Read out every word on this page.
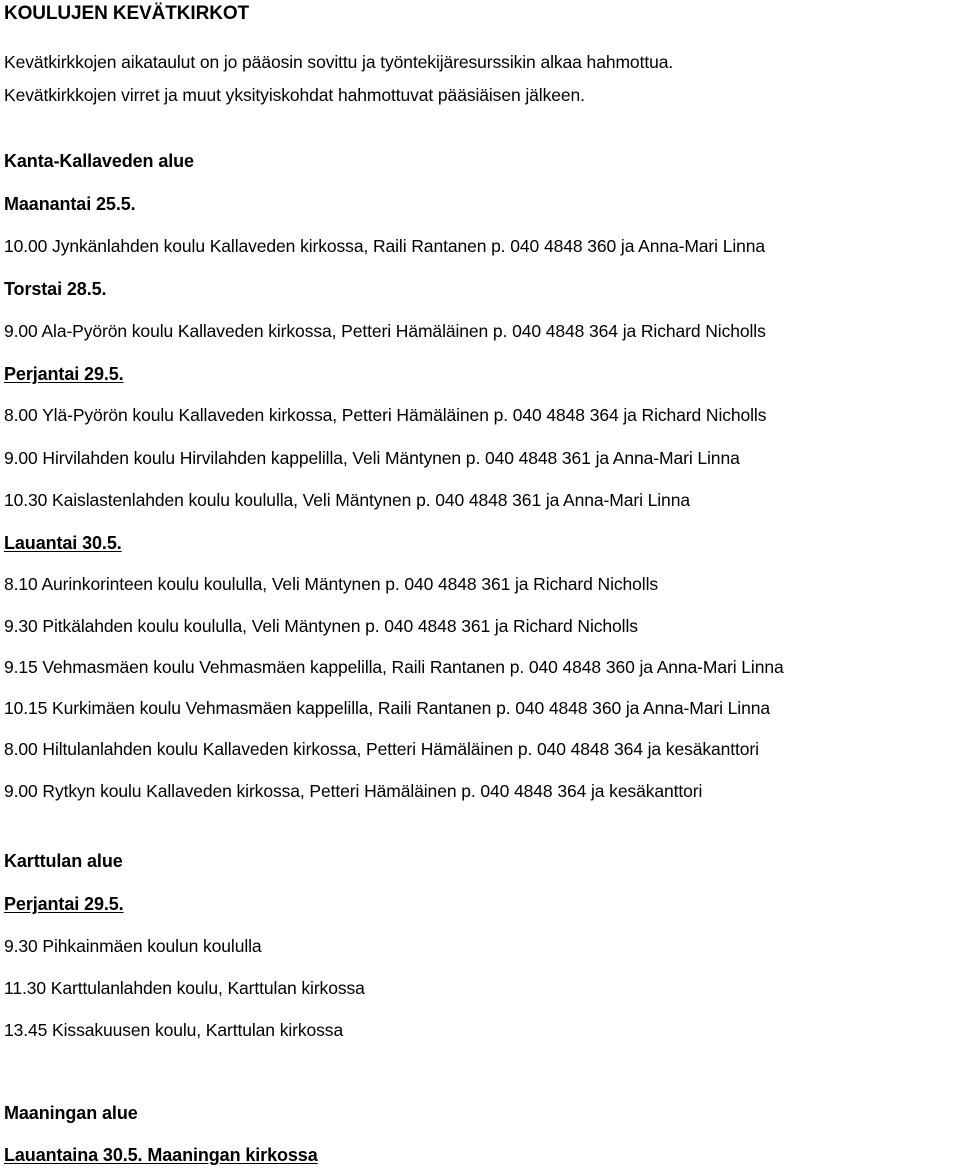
KOULUJEN KEVÄTKIRKOT

Kevätkirkkojen aikataulut on jo pääosin sovittu ja työntekijäresurssikin alkaa hahmottua.

Kevätkirkkojen virret ja muut yksityiskohdat hahmottuvat pääsiäisen jälkeen.

Kanta-Kallaveden alue

Maanantai 25.5.

10.00 Jynkänlahden koulu Kallaveden kirkossa, Raili Rantanen p. 040 4848 360 ja Anna-Mari Linna

Torstai 28.5.

9.00 Ala-Pyörön koulu Kallaveden kirkossa, Petteri Hämäläinen p. 040 4848 364 ja Richard Nicholls

Perjantai 29.5.

8.00 Ylä-Pyörön koulu Kallaveden kirkossa, Petteri Hämäläinen p. 040 4848 364 ja Richard Nicholls

9.00 Hirvilahden koulu Hirvilahden kappelilla, Veli Mäntynen p. 040 4848 361 ja Anna-Mari Linna

10.30 Kaislastenlahden koulu koululla, Veli Mäntynen p. 040 4848 361 ja Anna-Mari Linna

Lauantai 30.5.

8.10 Aurinkorinteen koulu koululla, Veli Mäntynen p. 040 4848 361 ja Richard Nicholls

9.30 Pitkälahden koulu koululla, Veli Mäntynen p. 040 4848 361 ja Richard Nicholls

9.15 Vehmasmäen koulu Vehmasmäen kappelilla, Raili Rantanen p. 040 4848 360 ja Anna-Mari Linna

10.15 Kurkimäen koulu Vehmasmäen kappelilla, Raili Rantanen p. 040 4848 360 ja Anna-Mari Linna

8.00 Hiltulanlahden koulu Kallaveden kirkossa, Petteri Hämäläinen p. 040 4848 364 ja kesäkanttori

9.00 Rytkyn koulu Kallaveden kirkossa, Petteri Hämäläinen p. 040 4848 364 ja kesäkanttori

Karttulan alue

Perjantai 29.5.

9.30 Pihkainmäen koulun koululla

11.30 Karttulanlahden koulu, Karttulan kirkossa

13.45 Kissakuusen koulu, Karttulan kirkossa

Maaningan alue

Lauantaina 30.5. Maaningan kirkossa
